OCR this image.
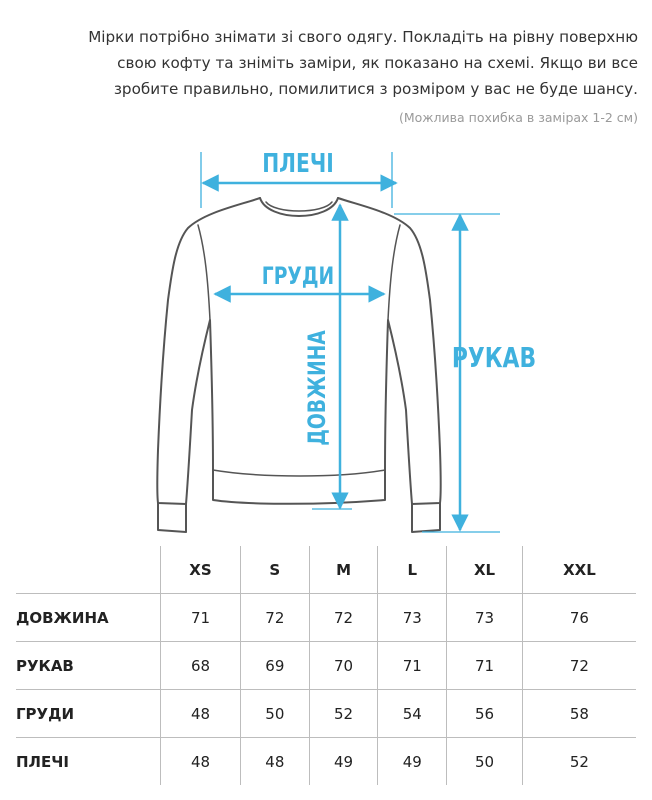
Мірки потрібно знімати зі свого одягу. Покладіть на рівну поверхню
свою кофту та зніміть заміри, як показано на схемі. Якщо ви все
зробите правильно, помилитися з розміром у вас не буде шансу.
(Можлива похибка в замірах 1-2 см)
ПЛЕЧІ
ГРУДИ
РУКАВ
ДОВЖИНА
	XS	S	M	L	XL	XXL
ДОВЖИНА	71	72	72	73	73	76
РУКАВ	68	69	70	71	71	72
ГРУДИ	48	50	52	54	56	58
ПЛЕЧІ	48	48	49	49	50	52
